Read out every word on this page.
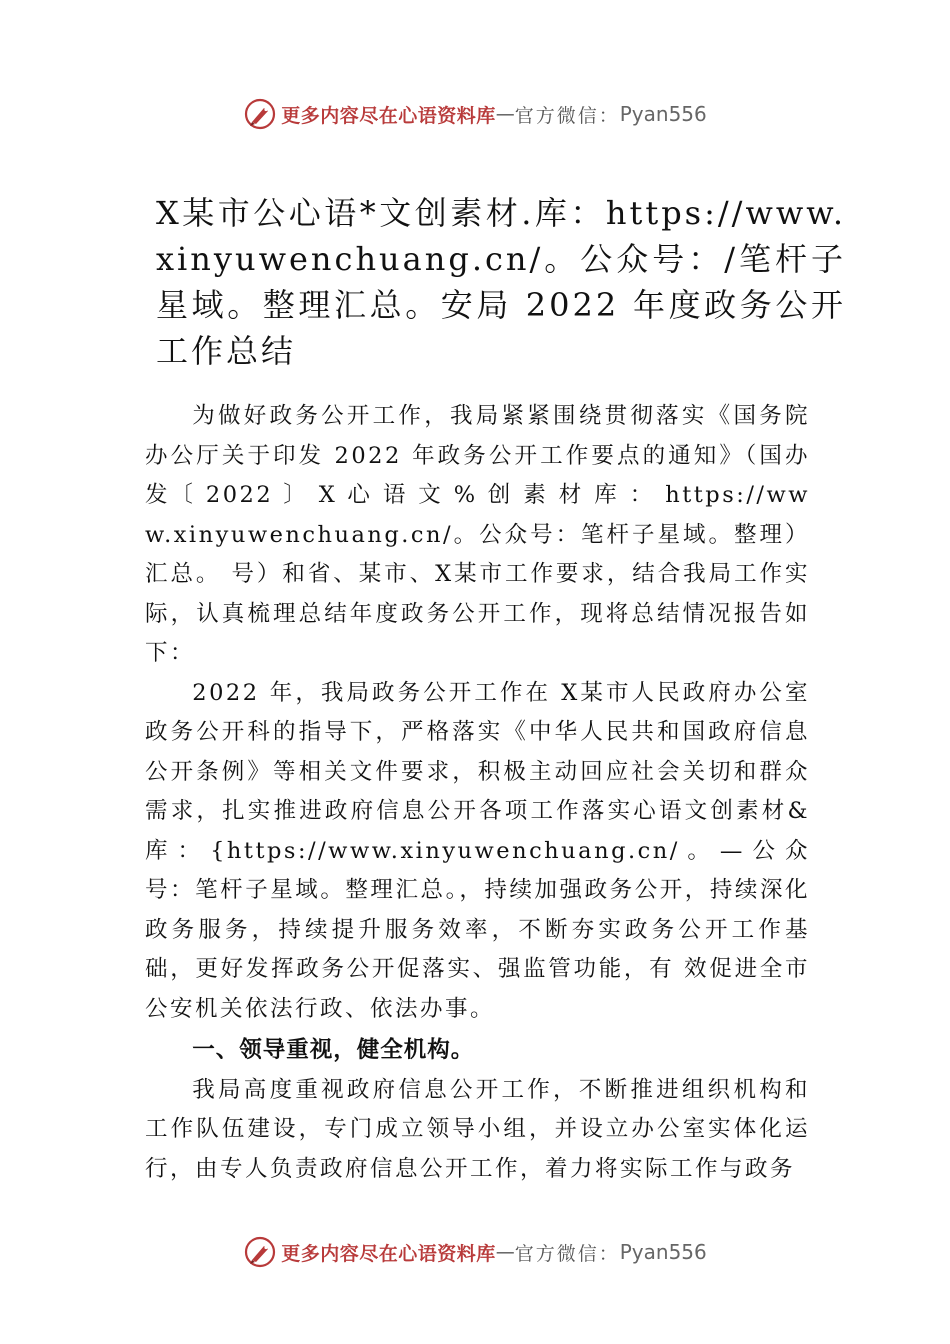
更多内容尽在心语资料库 — 官方微信： Pyan556
X某市公心语*文创素材.库：https://www.xinyuwenchuang.cn/。公众号：/笔杆子星域。整理汇总。安局 2022 年度政务公开工作总结

为做好政务公开工作，我局紧紧围绕贯彻落实《国务院办公厅关于印发 2022 年政务公开工作要点的通知》（国办发〔 2022 〕 X 心 语 文 % 创 素 材 库 ： https://www.xinyuwenchuang.cn/。公众号：笔杆子星域。整理）汇总。 号）和省、某市、X某市工作要求，结合我局工作实际，认真梳理总结年度政务公开工作，现将总结情况报告如下：

2022 年，我局政务公开工作在 X某市人民政府办公室政务公开科的指导下，严格落实《中华人民共和国政府信息公开条例》等相关文件要求，积极主动回应社会关切和群众需求，扎实推进政府信息公开各项工作落实心语文创素材&库：{https://www.xinyuwenchuang.cn/。—公众号：笔杆子星域。整理汇总。，持续加强政务公开，持续深化政务服务，持续提升服务效率，不断夯实政务公开工作基础，更好发挥政务公开促落实、强监管功能，有 效促进全市公安机关依法行政、依法办事。

一、领导重视，健全机构。

我局高度重视政府信息公开工作，不断推进组织机构和工作队伍建设，专门成立领导小组，并设立办公室实体化运行，由专人负责政府信息公开工作，着力将实际工作与政务

更多内容尽在心语资料库 — 官方微信： Pyan556
